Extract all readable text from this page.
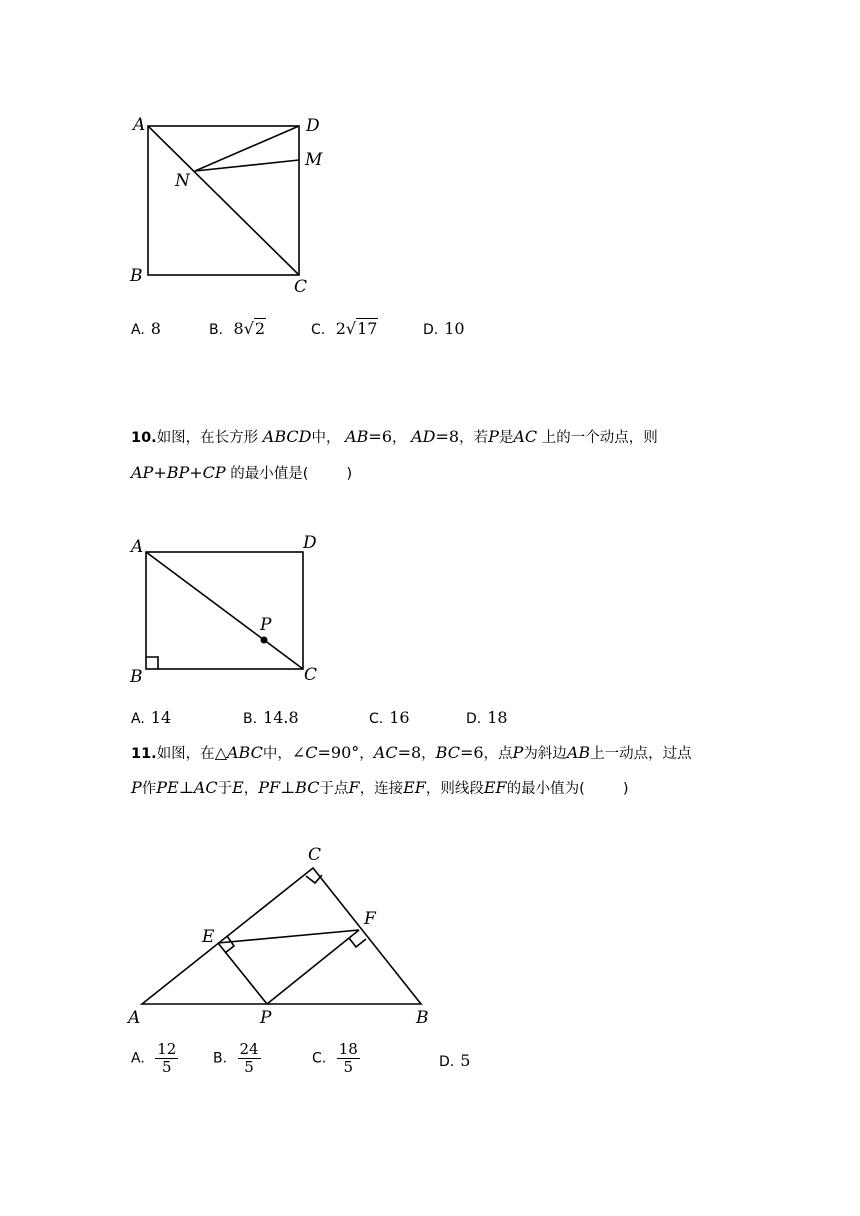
A	D
M
N
B
C
A. 8	B. 8√2	C. 2√17	D. 10
10.如图，在长方形 ABCD中， AB=6， AD=8，若P是AC 上的一个动点，则
AP+BP+CP 的最小值是(	)
A	D
P
B	C
A. 14	B. 14.8	C. 16	D. 18
11.如图，在△ABC中，∠C=90°，AC=8，BC=6，点P为斜边AB上一动点，过点
P作PE⊥AC于E，PF⊥BC于点F，连接EF，则线段EF的最小值为(	)
C
E
F
A	P	B
A. $\frac{12}{5} B$. $\frac{24}{5}$	C. $\frac{18}{5}$	D. 5
